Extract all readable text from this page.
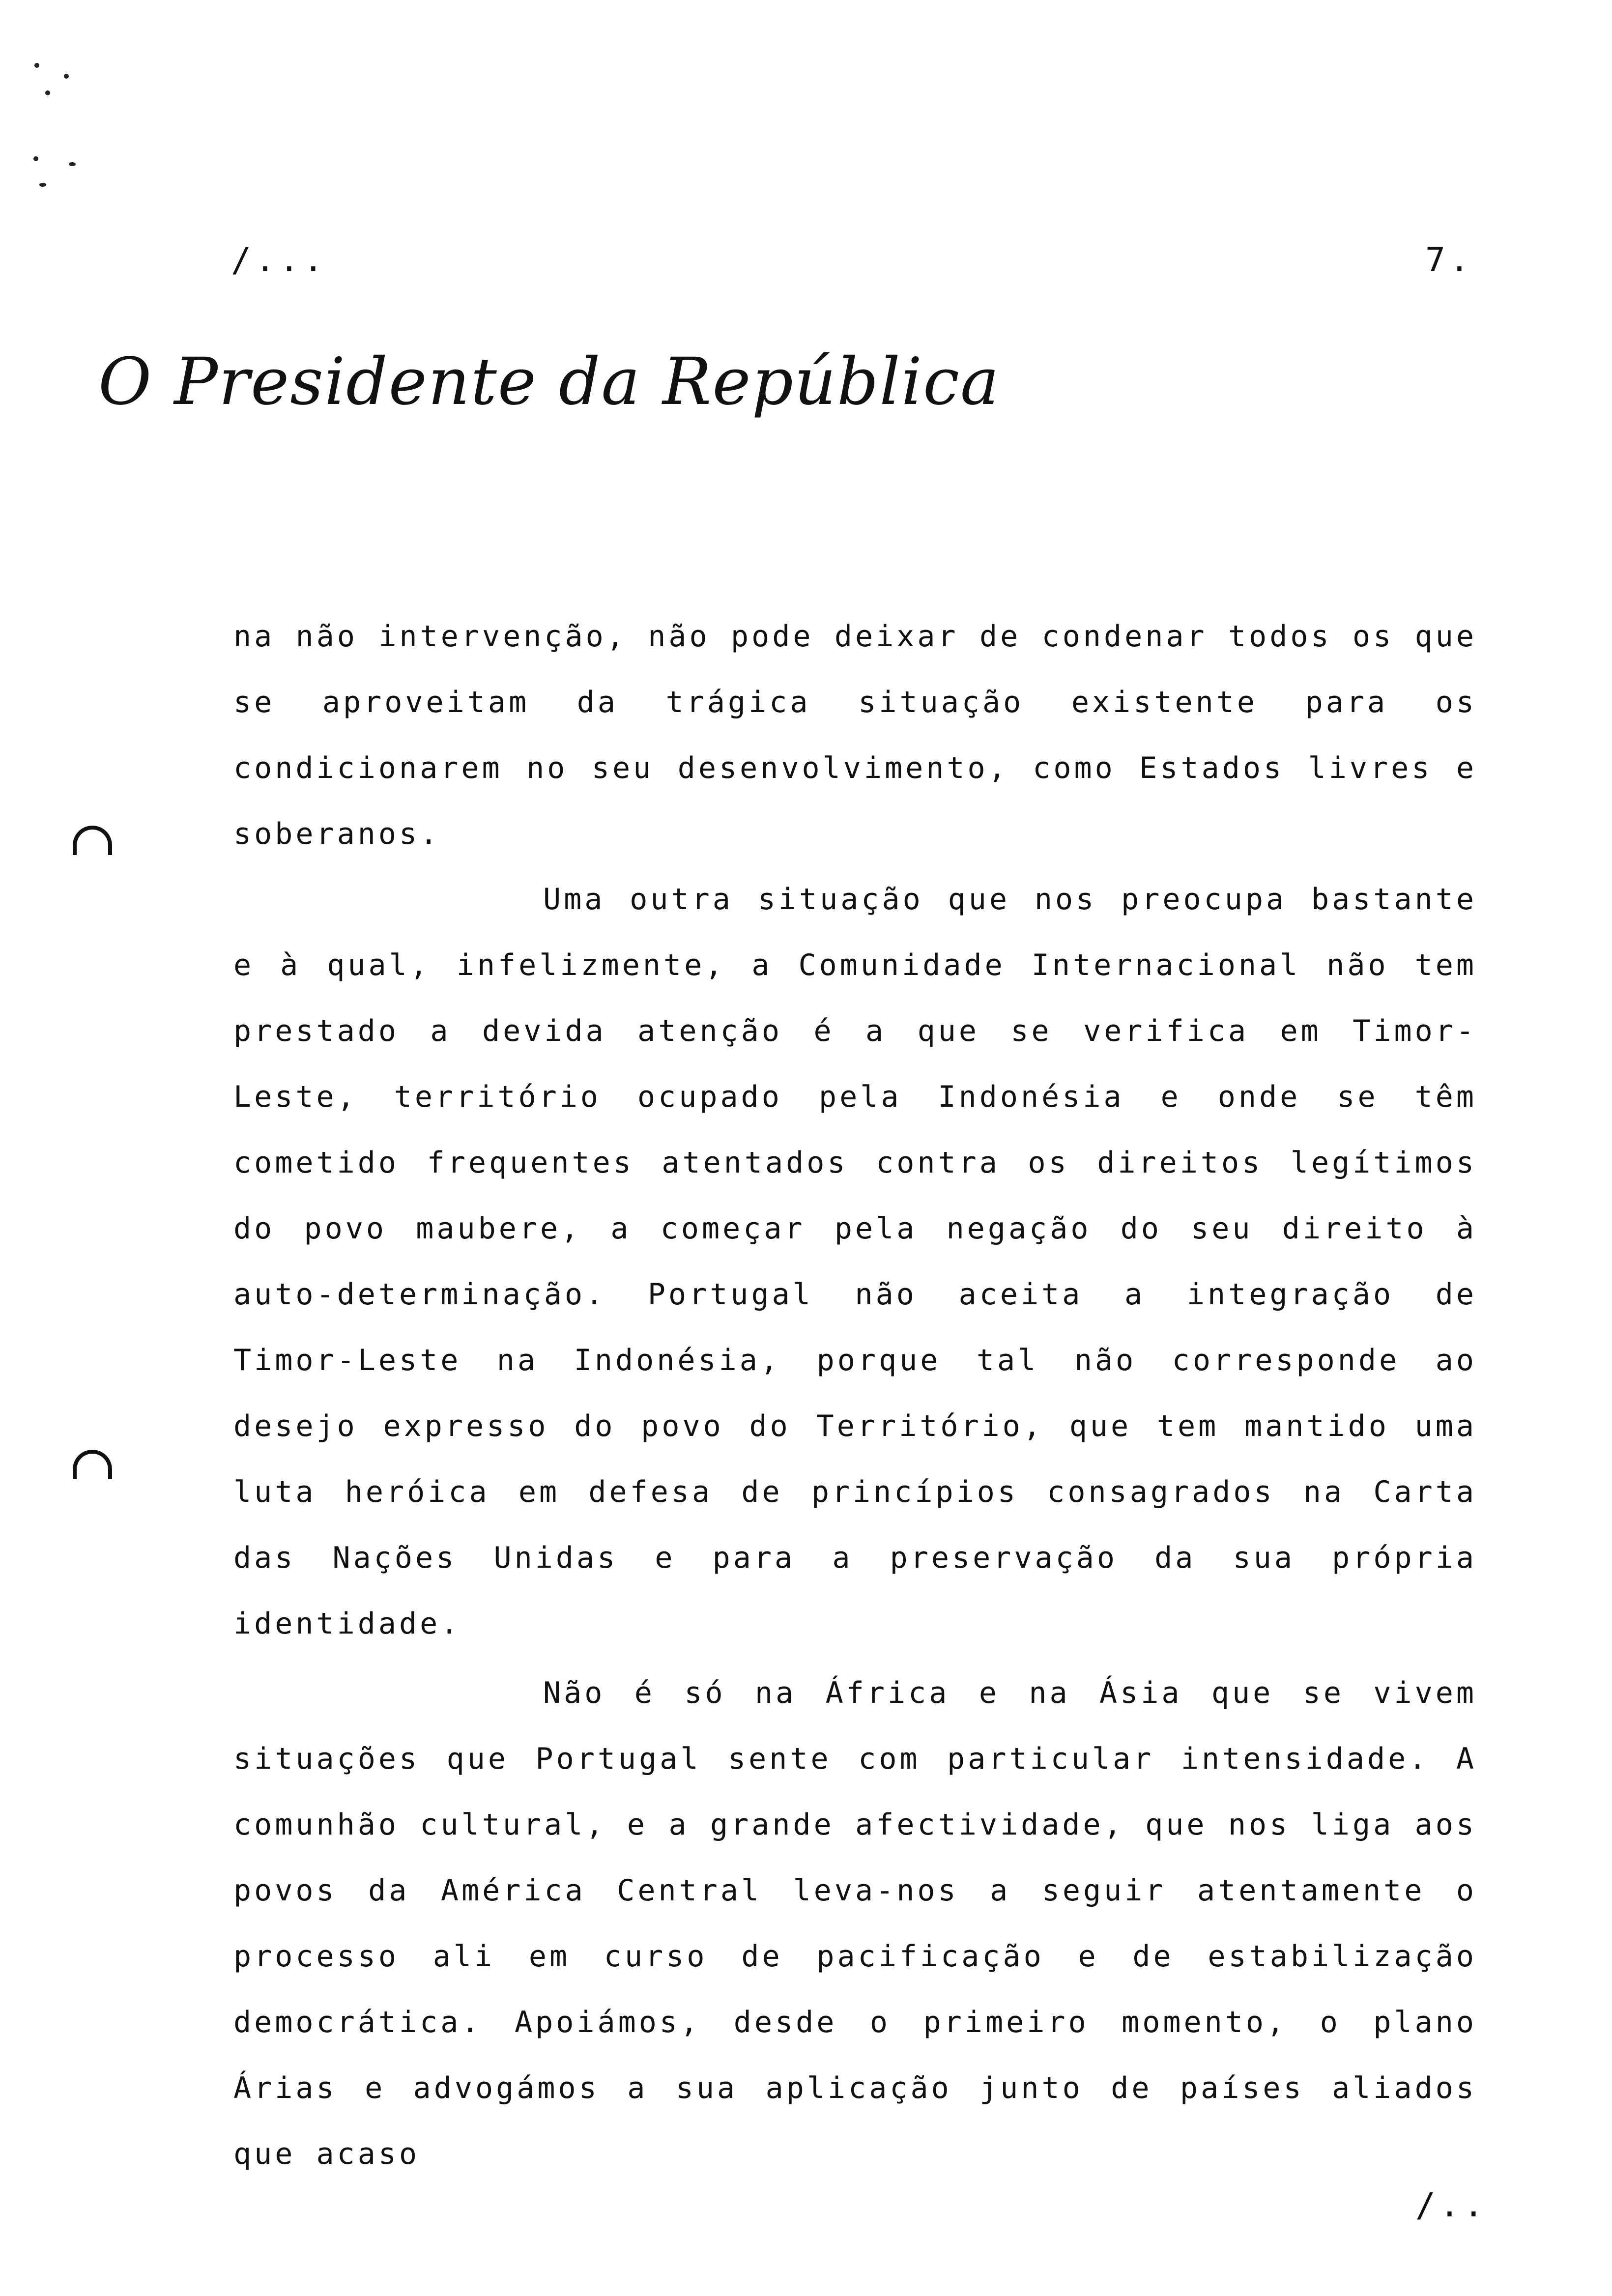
/...	7.
O Presidente da República

na não intervenção, não pode deixar de condenar todos os que se aproveitam da trágica situação existente para os condicionarem no seu desenvolvimento, como Estados livres e soberanos.

Uma outra situação que nos preocupa bastante e à qual, infelizmente, a Comunidade Internacional não tem prestado a devida atenção é a que se verifica em Timor-Leste, território ocupado pela Indonésia e onde se têm cometido frequentes atentados contra os direitos legítimos do povo maubere, a começar pela negação do seu direito à auto-determinação. Portugal não aceita a integração de Timor-Leste na Indonésia, porque tal não corresponde ao desejo expresso do povo do Território, que tem mantido uma luta heróica em defesa de princípios consagrados na Carta das Nações Unidas e para a preservação da sua própria identidade.

Não é só na África e na Ásia que se vivem situações que Portugal sente com particular intensidade. A comunhão cultural, e a grande afectividade, que nos liga aos povos da América Central leva-nos a seguir atentamente o processo ali em curso de pacificação e de estabilização democrática. Apoiámos, desde o primeiro momento, o plano Árias e advogámos a sua aplicação junto de países aliados que acaso

/..
